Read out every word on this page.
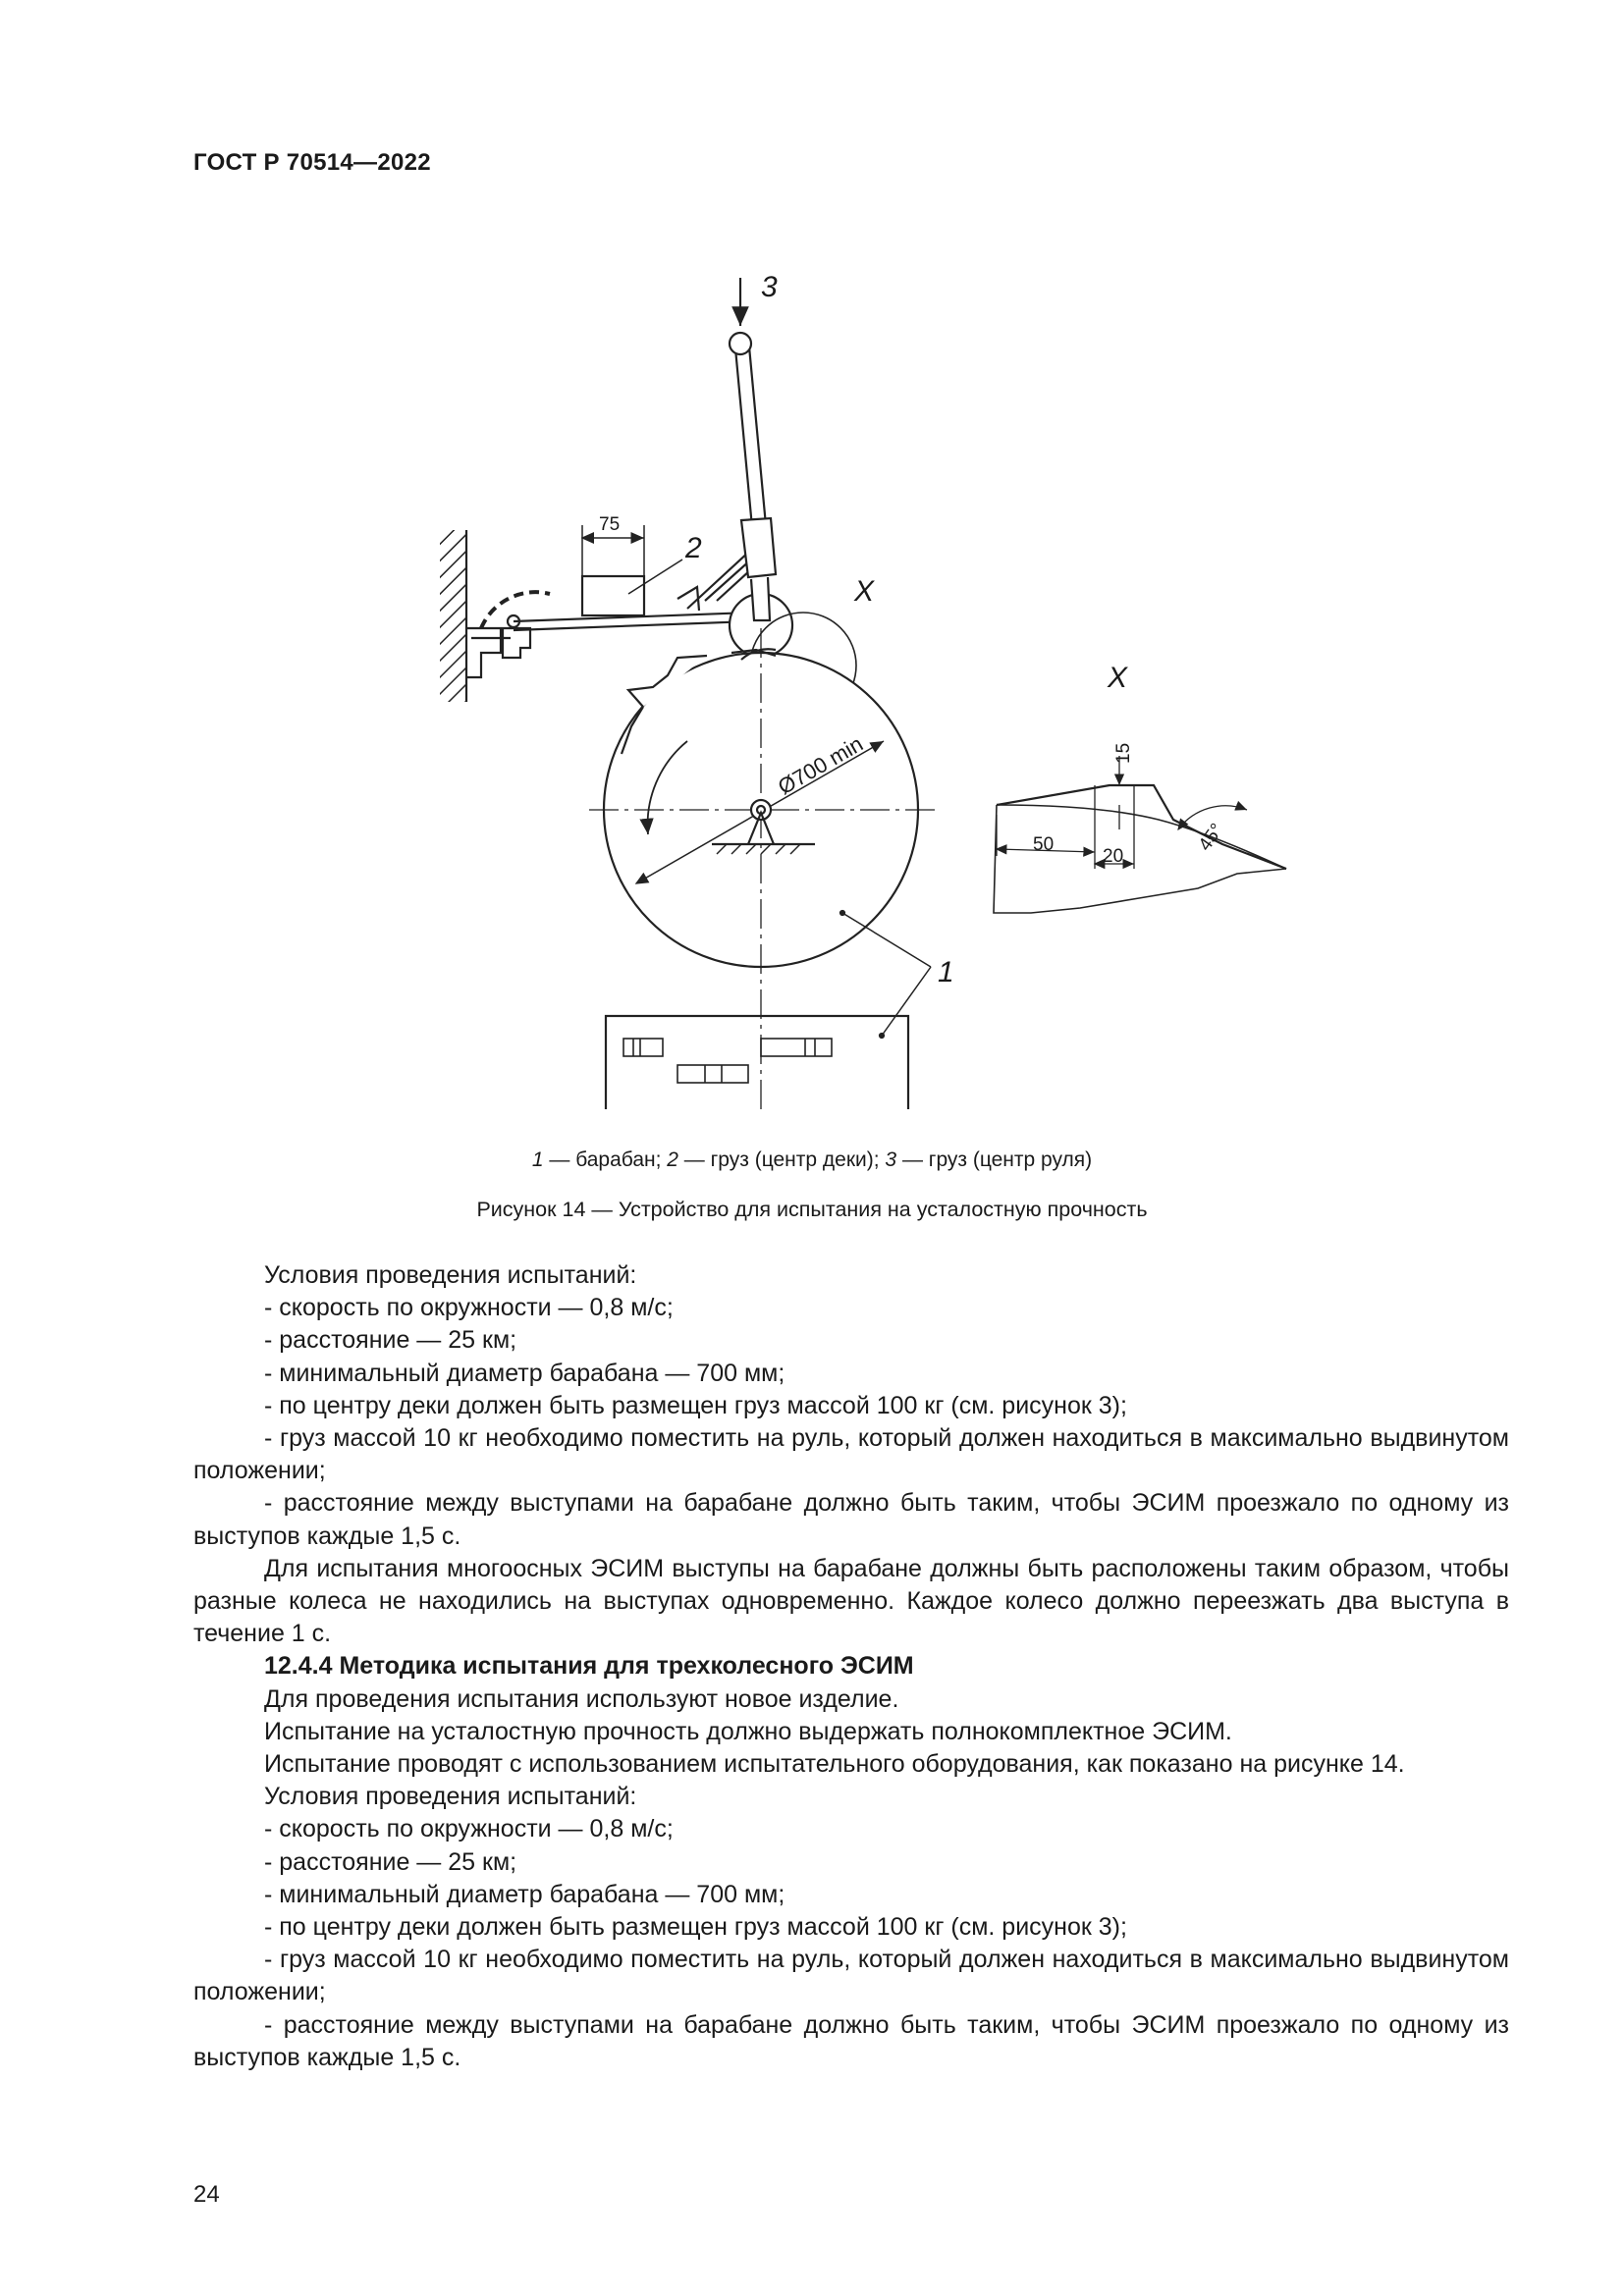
ГОСТ Р 70514—2022
3
2
1
X
X
75
Ø700 min	15
50
20
45°
1 — барабан; 2 — груз (центр деки); 3 — груз (центр руля)
Рисунок 14 — Устройство для испытания на усталостную прочность

Условия проведения испытаний:

- скорость по окружности — 0,8 м/с;

- расстояние — 25 км;

- минимальный диаметр барабана — 700 мм;

- по центру деки должен быть размещен груз массой 100 кг (см. рисунок 3);

- груз массой 10 кг необходимо поместить на руль, который должен находиться в максимально выдвинутом положении;

- расстояние между выступами на барабане должно быть таким, чтобы ЭСИМ проезжало по одному из выступов каждые 1,5 с.

Для испытания многоосных ЭСИМ выступы на барабане должны быть расположены таким образом, чтобы разные колеса не находились на выступах одновременно. Каждое колесо должно переезжать два выступа в течение 1 с.

12.4.4 Методика испытания для трехколесного ЭСИМ

Для проведения испытания используют новое изделие.

Испытание на усталостную прочность должно выдержать полнокомплектное ЭСИМ.

Испытание проводят с использованием испытательного оборудования, как показано на рисунке 14.

Условия проведения испытаний:

- скорость по окружности — 0,8 м/с;

- расстояние — 25 км;

- минимальный диаметр барабана — 700 мм;

- по центру деки должен быть размещен груз массой 100 кг (см. рисунок 3);

- груз массой 10 кг необходимо поместить на руль, который должен находиться в максимально выдвинутом положении;

- расстояние между выступами на барабане должно быть таким, чтобы ЭСИМ проезжало по одному из выступов каждые 1,5 с.

24
